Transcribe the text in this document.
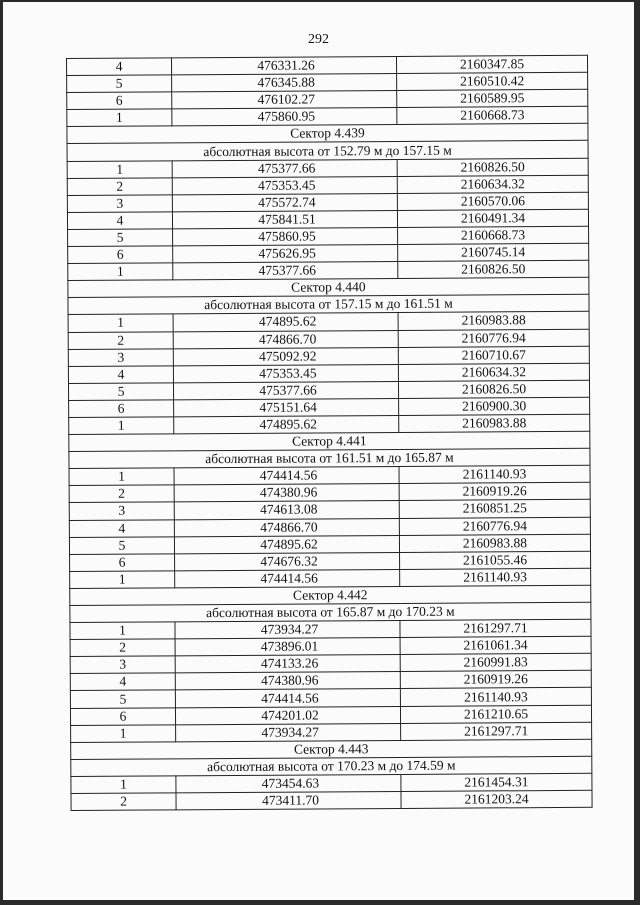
292
4	476331.26	2160347.85
5	476345.88	2160510.42
6	476102.27	2160589.95
1	475860.95	2160668.73
Сектор 4.439		
абсолютная высота от 152.79 м до 157.15 м		
1	475377.66	2160826.50
2	475353.45	2160634.32
3	475572.74	2160570.06
4	475841.51	2160491.34
5	475860.95	2160668.73
6	475626.95	2160745.14
1	475377.66	2160826.50
Сектор 4.440		
абсолютная высота от 157.15 м до 161.51 м		
1	474895.62	2160983.88
2	474866.70	2160776.94
3	475092.92	2160710.67
4	475353.45	2160634.32
5	475377.66	2160826.50
6	475151.64	2160900.30
1	474895.62	2160983.88
Сектор 4.441		
абсолютная высота от 161.51 м до 165.87 м		
1	474414.56	2161140.93
2	474380.96	2160919.26
3	474613.08	2160851.25
4	474866.70	2160776.94
5	474895.62	2160983.88
6	474676.32	2161055.46
1	474414.56	2161140.93
Сектор 4.442		
абсолютная высота от 165.87 м до 170.23 м		
1	473934.27	2161297.71
2	473896.01	2161061.34
3	474133.26	2160991.83
4	474380.96	2160919.26
5	474414.56	2161140.93
6	474201.02	2161210.65
1	473934.27	2161297.71
Сектор 4.443		
абсолютная высота от 170.23 м до 174.59 м		
1	473454.63	2161454.31
2	473411.70	2161203.24
